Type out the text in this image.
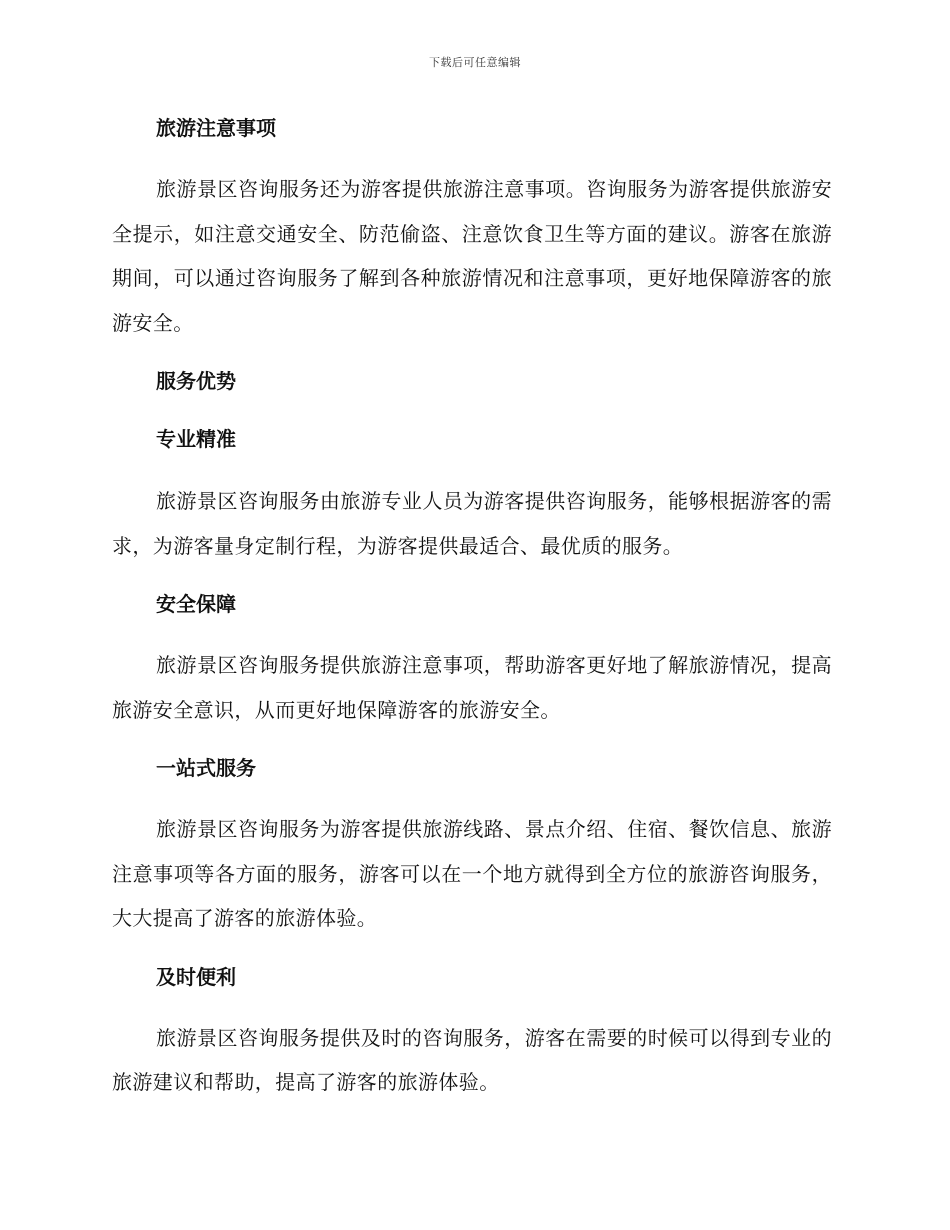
下载后可任意编辑
旅游注意事项

旅游景区咨询服务还为游客提供旅游注意事项。咨询服务为游客提供旅游安全提示，如注意交通安全、防范偷盗、注意饮食卫生等方面的建议。游客在旅游期间，可以通过咨询服务了解到各种旅游情况和注意事项，更好地保障游客的旅游安全。

服务优势
专业精准

旅游景区咨询服务由旅游专业人员为游客提供咨询服务，能够根据游客的需求，为游客量身定制行程，为游客提供最适合、最优质的服务。

安全保障

旅游景区咨询服务提供旅游注意事项，帮助游客更好地了解旅游情况，提高旅游安全意识，从而更好地保障游客的旅游安全。

一站式服务

旅游景区咨询服务为游客提供旅游线路、景点介绍、住宿、餐饮信息、旅游注意事项等各方面的服务，游客可以在一个地方就得到全方位的旅游咨询服务，大大提高了游客的旅游体验。

及时便利

旅游景区咨询服务提供及时的咨询服务，游客在需要的时候可以得到专业的旅游建议和帮助，提高了游客的旅游体验。
